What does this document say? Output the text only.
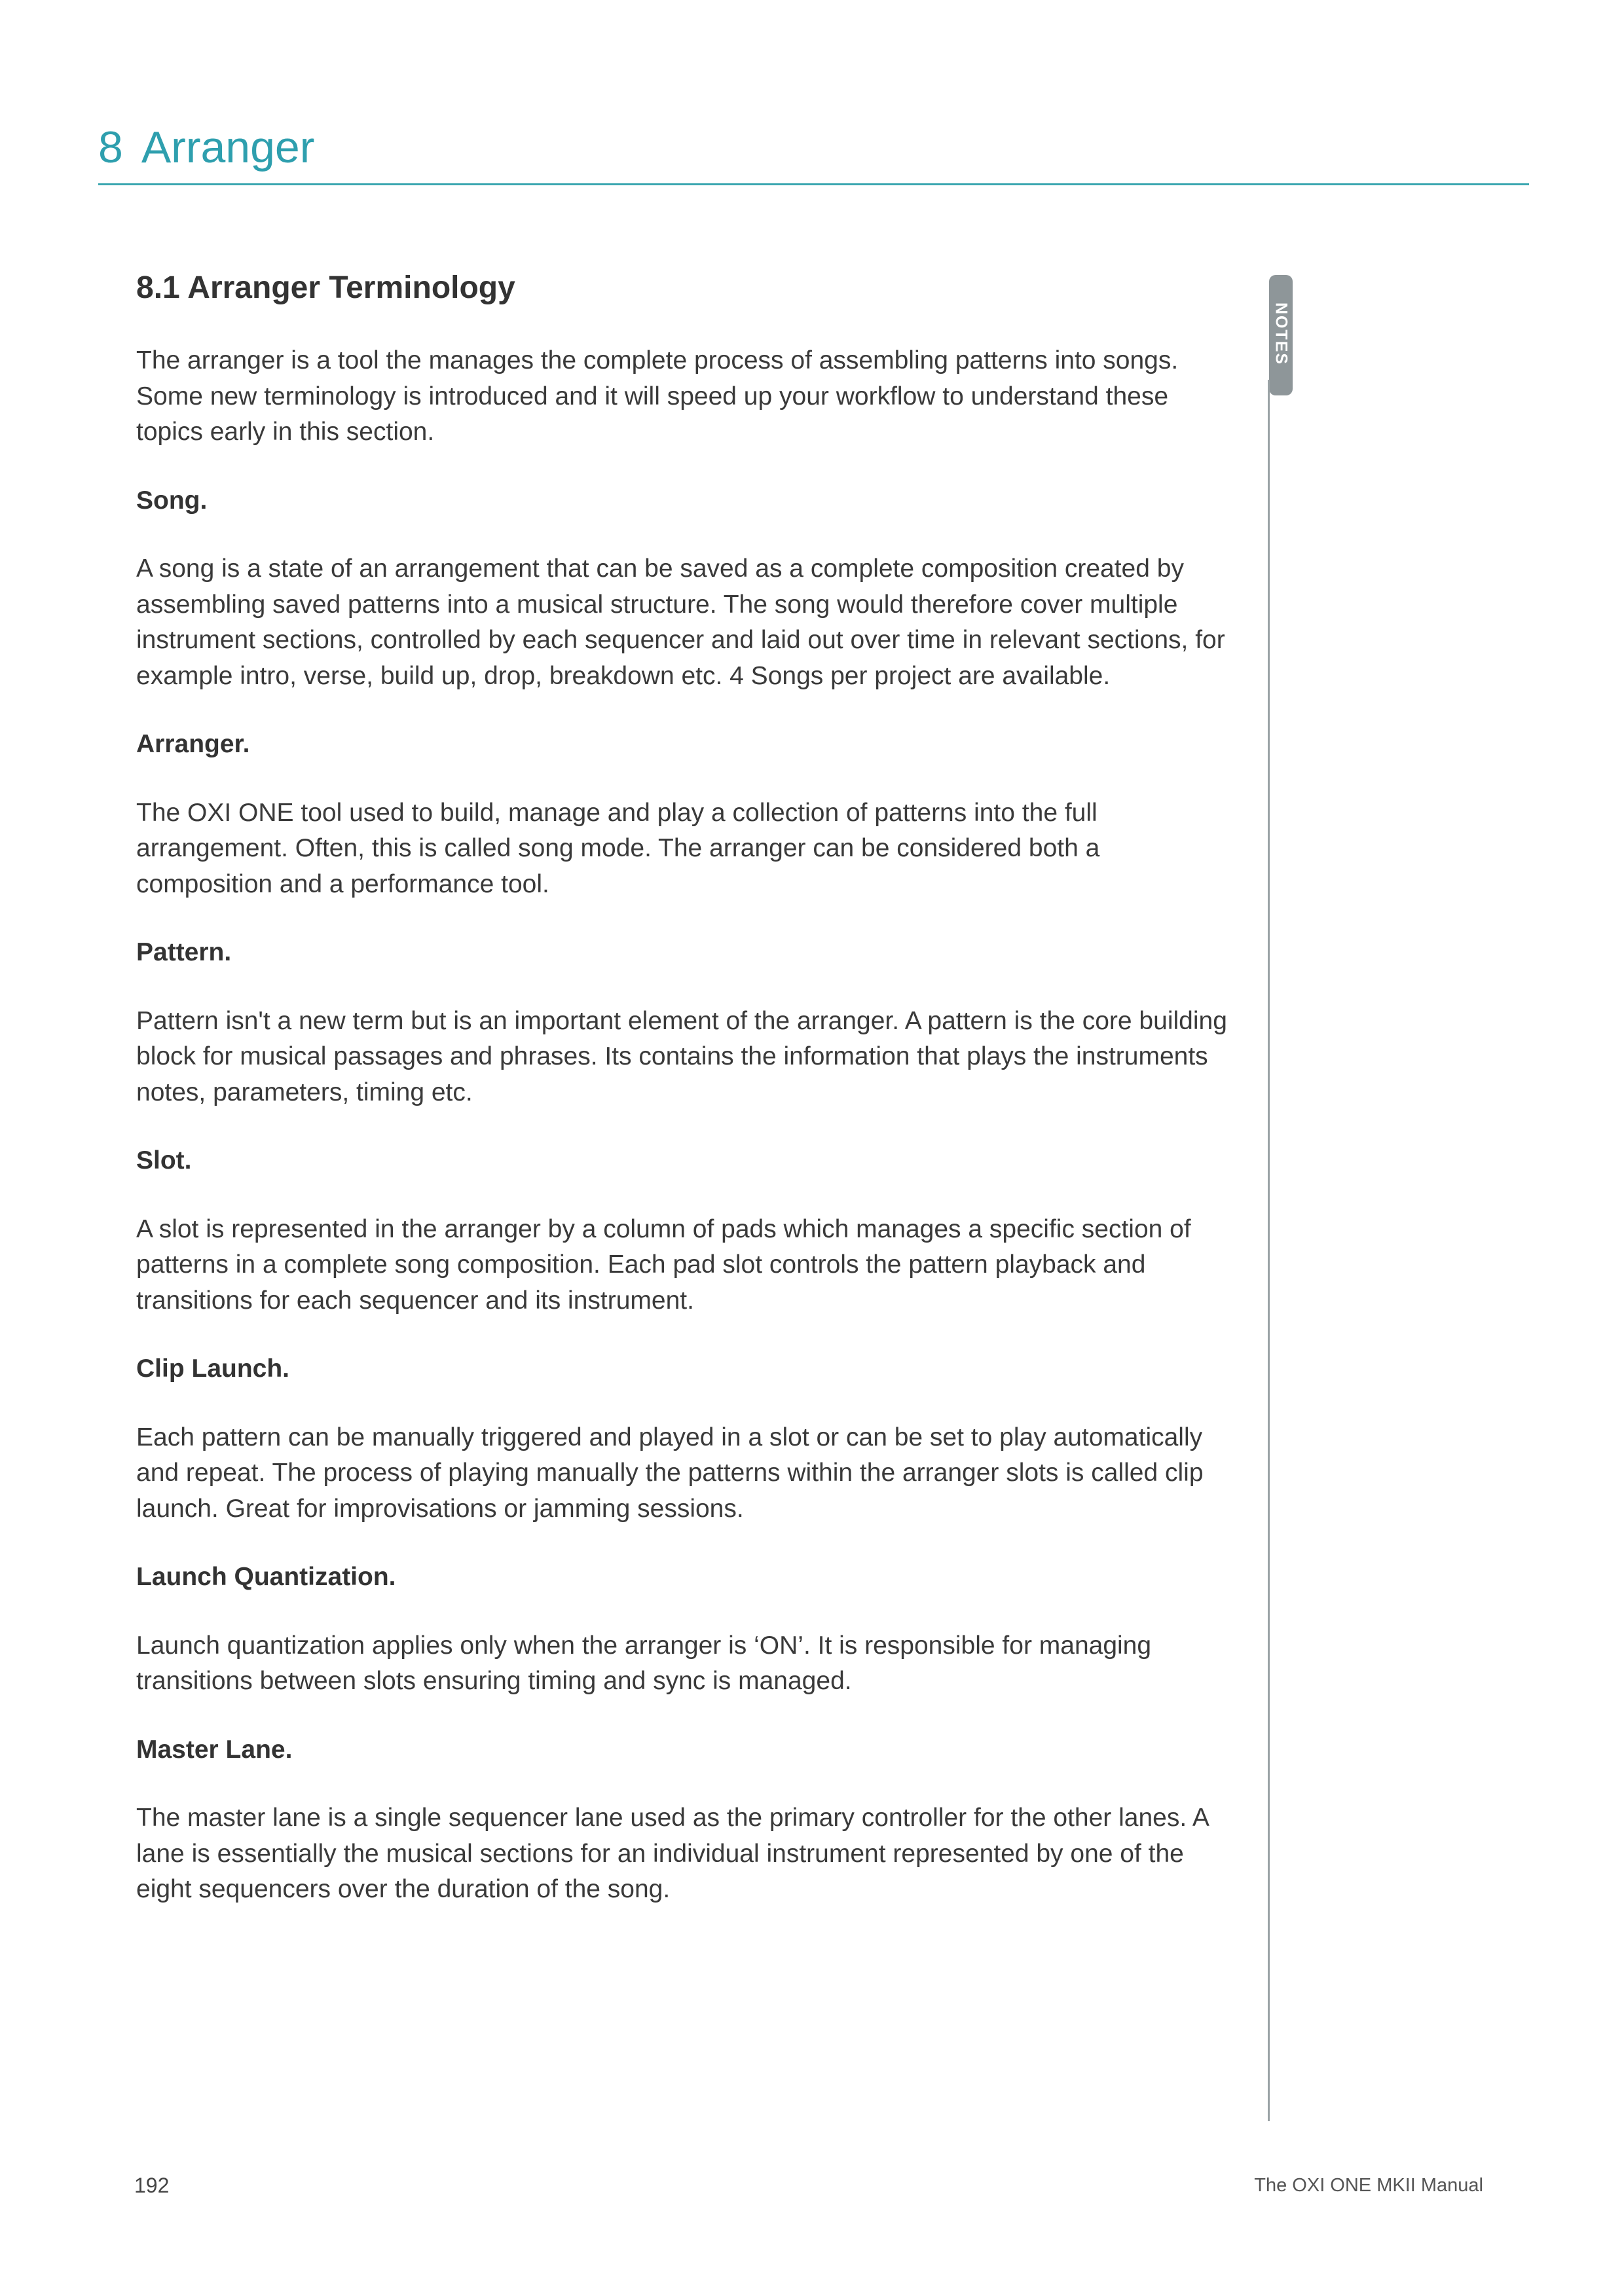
8 Arranger
8.1 Arranger Terminology

The arranger is a tool the manages the complete process of assembling patterns into songs. Some new terminology is introduced and it will speed up your workflow to understand these topics early in this section.

Song.

A song is a state of an arrangement that can be saved as a complete composition created by assembling saved patterns into a musical structure. The song would therefore cover multiple instrument sections, controlled by each sequencer and laid out over time in relevant sections, for example intro, verse, build up, drop, breakdown etc. 4 Songs per project are available.

Arranger.

The OXI ONE tool used to build, manage and play a collection of patterns into the full arrangement. Often, this is called song mode. The arranger can be considered both a composition and a performance tool.

Pattern.

Pattern isn't a new term but is an important element of the arranger. A pattern is the core building block for musical passages and phrases. Its contains the information that plays the instruments notes, parameters, timing etc.

Slot.

A slot is represented in the arranger by a column of pads which manages a specific section of patterns in a complete song composition. Each pad slot controls the pattern playback and transitions for each sequencer and its instrument.

Clip Launch.

Each pattern can be manually triggered and played in a slot or can be set to play automatically and repeat. The process of playing manually the patterns within the arranger slots is called clip launch. Great for improvisations or jamming sessions.

Launch Quantization.

Launch quantization applies only when the arranger is ‘ON’. It is responsible for managing transitions between slots ensuring timing and sync is managed.

Master Lane.

The master lane is a single sequencer lane used as the primary controller for the other lanes. A lane is essentially the musical sections for an individual instrument represented by one of the eight sequencers over the duration of the song.

NOTES
192	The OXI ONE MKII Manual
